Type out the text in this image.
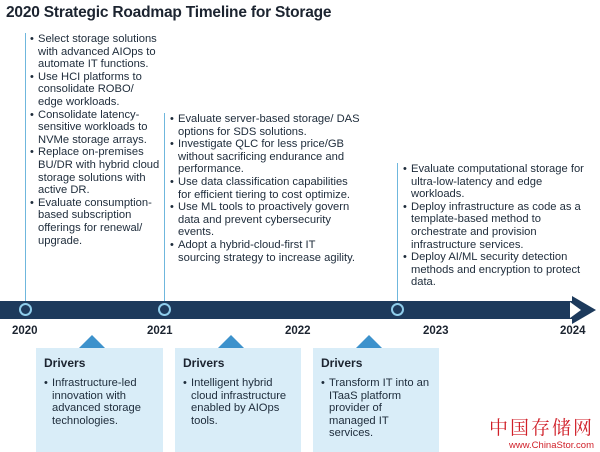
2020 Strategic Roadmap Timeline for Storage
• Select storage solutions with advanced AIOps to automate IT functions.
• Use HCI platforms to consolidate ROBO/ edge workloads.
• Consolidate latency-sensitive workloads to NVMe storage arrays.
• Replace on-premises BU/DR with hybrid cloud storage solutions with active DR.
• Evaluate consumption-based subscription offerings for renewal/ upgrade.
• Evaluate server-based storage/ DAS options for SDS solutions.
• Investigate QLC for less price/GB without sacrificing endurance and performance.
• Use data classification capabilities for efficient tiering to cost optimize.
• Use ML tools to proactively govern data and prevent cybersecurity events.
• Adopt a hybrid-cloud-first IT sourcing strategy to increase agility.
• Evaluate computational storage for ultra-low-latency and edge workloads.
• Deploy infrastructure as code as a template-based method to orchestrate and provision infrastructure services.
• Deploy AI/ML security detection methods and encryption to protect data.
2020	2021	2022	2023	2024
Drivers
• Infrastructure-led innovation with advanced storage technologies.
Drivers
• Intelligent hybrid cloud infrastructure enabled by AIOps tools.
Drivers
• Transform IT into an ITaaS platform provider of managed IT services.	中国存储网
www.ChinaStor.com
